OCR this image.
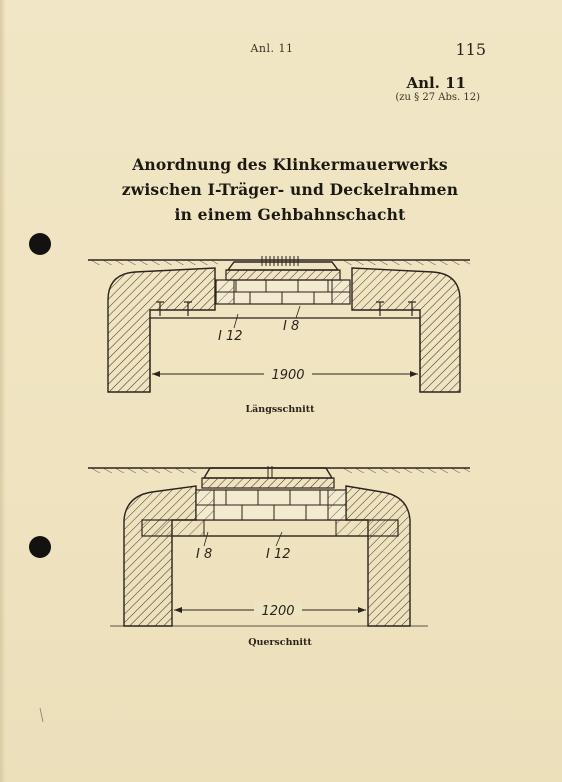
Anl. 11	115
Anl. 11
(zu § 27 Abs. 12)
Anordnung des Klinkermauerwerks
zwischen I-Träger- und Deckelrahmen
in einem Gehbahnschacht
I 12
I 8
1900
I 8	I 12
1200
Längsschnitt
Querschnitt
